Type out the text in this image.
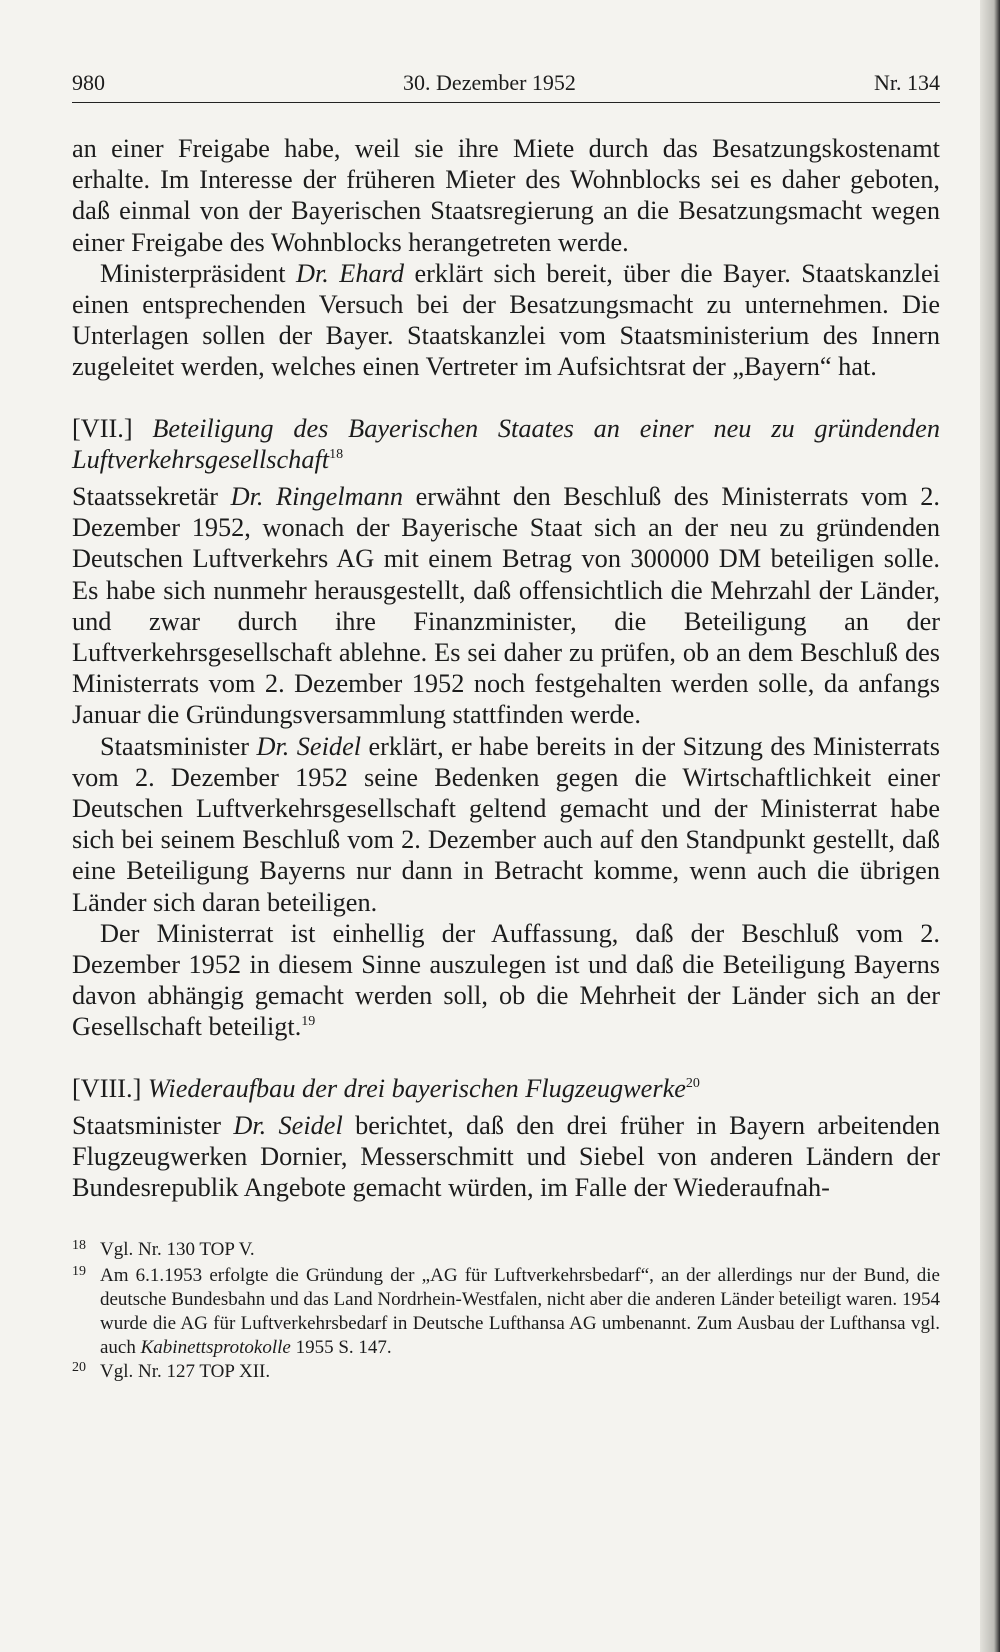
980	30. Dezember 1952	Nr. 134

an einer Freigabe habe, weil sie ihre Miete durch das Besatzungskostenamt erhalte. Im Interesse der früheren Mieter des Wohnblocks sei es daher geboten, daß einmal von der Bayerischen Staatsregierung an die Besatzungsmacht wegen einer Freigabe des Wohnblocks herangetreten werde.

Ministerpräsident Dr. Ehard erklärt sich bereit, über die Bayer. Staatskanzlei einen entsprechenden Versuch bei der Besatzungsmacht zu unternehmen. Die Unterlagen sollen der Bayer. Staatskanzlei vom Staatsministerium des Innern zugeleitet werden, welches einen Vertreter im Aufsichtsrat der „Bayern“ hat.

[VII.] Beteiligung des Bayerischen Staates an einer neu zu gründenden Luftverkehrsgesellschaft$^{18}$

Staatssekretär Dr. Ringelmann erwähnt den Beschluß des Ministerrats vom 2. Dezember 1952, wonach der Bayerische Staat sich an der neu zu gründenden Deutschen Luftverkehrs AG mit einem Betrag von 300000 DM beteiligen solle. Es habe sich nunmehr herausgestellt, daß offensichtlich die Mehrzahl der Länder, und zwar durch ihre Finanzminister, die Beteiligung an der Luftverkehrsgesellschaft ablehne. Es sei daher zu prüfen, ob an dem Beschluß des Ministerrats vom 2. Dezember 1952 noch festgehalten werden solle, da anfangs Januar die Gründungsversammlung stattfinden werde.

Staatsminister Dr. Seidel erklärt, er habe bereits in der Sitzung des Ministerrats vom 2. Dezember 1952 seine Bedenken gegen die Wirtschaftlichkeit einer Deutschen Luftverkehrsgesellschaft geltend gemacht und der Ministerrat habe sich bei seinem Beschluß vom 2. Dezember auch auf den Standpunkt gestellt, daß eine Beteiligung Bayerns nur dann in Betracht komme, wenn auch die übrigen Länder sich daran beteiligen.

Der Ministerrat ist einhellig der Auffassung, daß der Beschluß vom 2. Dezember 1952 in diesem Sinne auszulegen ist und daß die Beteiligung Bayerns davon abhängig gemacht werden soll, ob die Mehrheit der Länder sich an der Gesellschaft beteiligt.$^{19}$

[VIII.] Wiederaufbau der drei bayerischen Flugzeugwerke$^{20}$

Staatsminister Dr. Seidel berichtet, daß den drei früher in Bayern arbeitenden Flugzeugwerken Dornier, Messerschmitt und Siebel von anderen Ländern der Bundesrepublik Angebote gemacht würden, im Falle der Wiederaufnah-

18 Vgl. Nr. 130 TOP V.
19 Am 6.1.1953 erfolgte die Gründung der „AG für Luftverkehrsbedarf“, an der allerdings nur der Bund, die deutsche Bundesbahn und das Land Nordrhein-Westfalen, nicht aber die anderen Länder beteiligt waren. 1954 wurde die AG für Luftverkehrsbedarf in Deutsche Lufthansa AG umbenannt. Zum Ausbau der Lufthansa vgl. auch Kabinettsprotokolle 1955 S. 147.
20 Vgl. Nr. 127 TOP XII.
